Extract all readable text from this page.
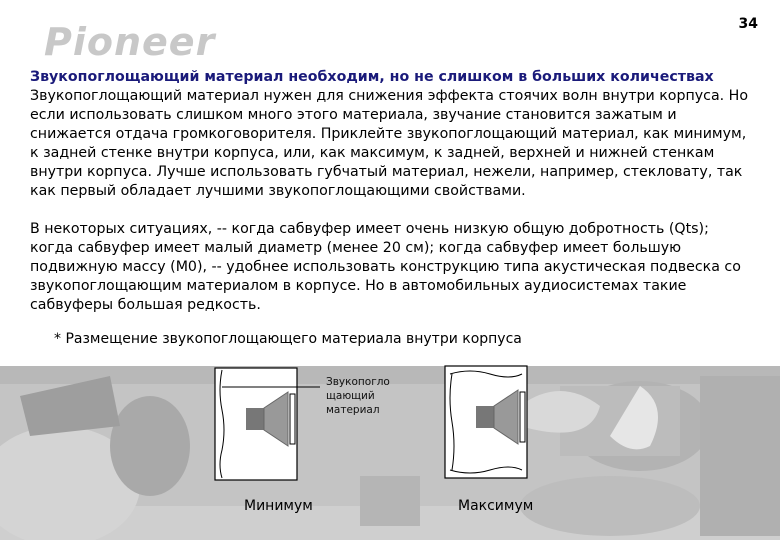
Pioneer	34
Звукопоглощающий материал необходим, но не слишком в больших количествах

Звукопоглощающий материал нужен для снижения эффекта стоячих волн внутри корпуса. Но если использовать слишком много этого материала, звучание становится зажатым и снижается отдача громкоговорителя. Приклейте звукопоглощающий материал, как минимум, к задней стенке внутри корпуса, или, как максимум, к задней, верхней и нижней стенкам внутри корпуса. Лучше использовать губчатый материал, нежели, например, стекловату, так как первый обладает лучшими звукопоглощающими свойствами.

В некоторых ситуациях, -- когда сабвуфер имеет очень низкую общую добротность (Qts); когда сабвуфер имеет малый диаметр (менее 20 см); когда сабвуфер имеет большую подвижную массу (M0), -- удобнее использовать конструкцию типа акустическая подвеска со звукопоглощающим материалом в корпусе. Но в автомобильных аудиосистемах такие сабвуферы большая редкость.

* Размещение звукопоглощающего материала внутри корпуса
Звукопогло
щающий
материал
Минимум	Максимум
